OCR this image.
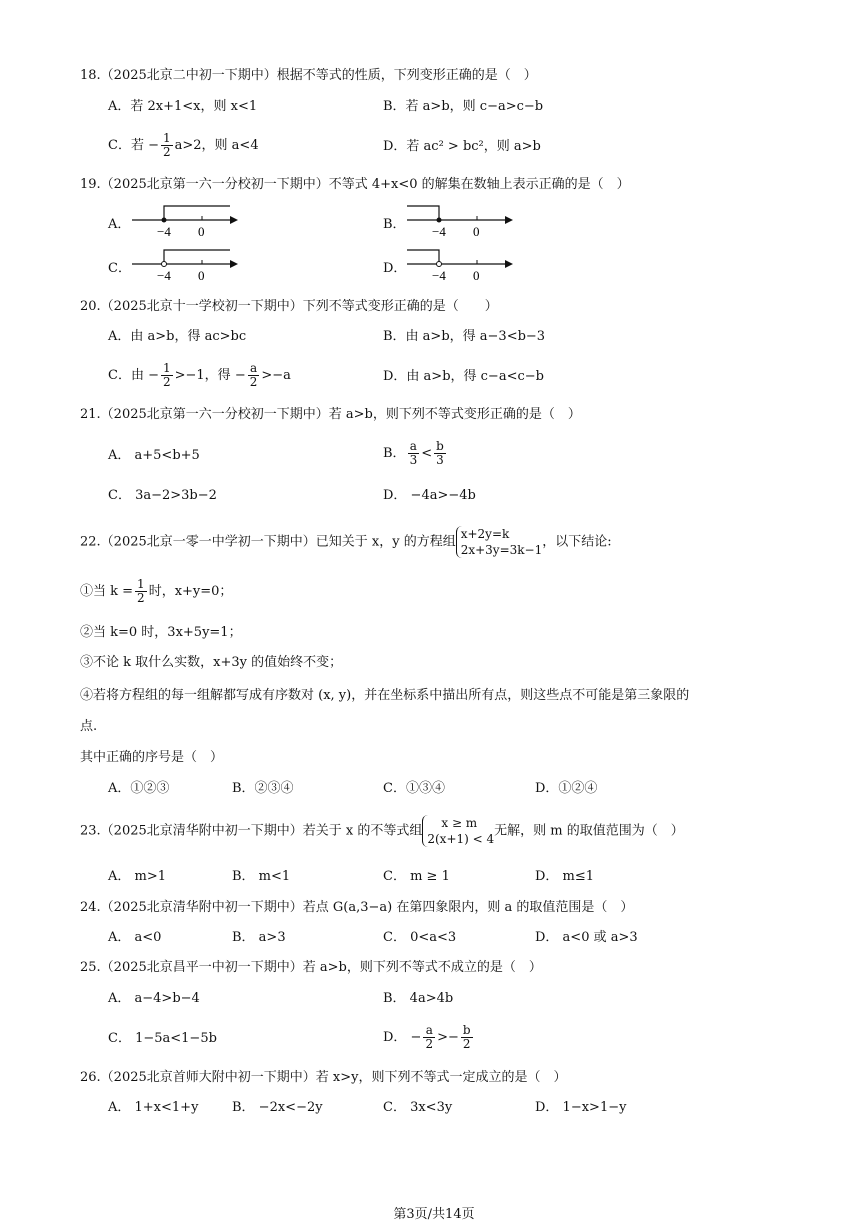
18.（2025北京二中初一下期中）根据不等式的性质，下列变形正确的是（　）
A．若 2x+1<x，则 x<1	B．若 a>b，则 c−a>c−b
C．若 − $\frac{1}{2} a>2$，则 a<4	D．若 ac² > bc²，则 a>b
19.（2025北京第一六一分校初一下期中）不等式 4+x<0 的解集在数轴上表示正确的是（　）
A． −4 0	B． −4 0
C． −4 0	D． −4 0
20.（2025北京十一学校初一下期中）下列不等式变形正确的是（　　）
A．由 a>b，得 ac>bc	B．由 a>b，得 a−3<b−3
C．由 − $\frac{1}{2} >-1$，得 − $\frac{a}{2} >-a$	D．由 a>b，得 c−a<c−b
21.（2025北京第一六一分校初一下期中）若 a>b，则下列不等式变形正确的是（　）
A． a+5<b+5	B． $\frac{a}{3} < \frac{b}{3}$
C． 3a−2>3b−2	D． −4a>−4b
22.（2025北京一零一中学初一下期中）已知关于 x，y 的方程组
x+2y=k
2x+3y=3k−1
，以下结论:
①当 $k = \frac{1}{2}$ 时，x+y=0；
②当 k=0 时，3x+5y=1；
③不论 k 取什么实数，x+3y 的值始终不变；
④若将方程组的每一组解都写成有序数对 (x, y)，并在坐标系中描出所有点，则这些点不可能是第三象限的
点.
其中正确的序号是（　）
A．①②③	B．②③④	C．①③④	D．①②④
23.（2025北京清华附中初一下期中）若关于 x 的不等式组
x ≥ m
2(x+1) < 4
无解，则 m 的取值范围为（　）
A． m>1	B． m<1	C． m ≥ 1	D． m≤1
24.（2025北京清华附中初一下期中）若点 G(a,3−a) 在第四象限内，则 a 的取值范围是（　）
A． a<0	B． a>3	C． 0<a<3	D． a<0 或 a>3
25.（2025北京昌平一中初一下期中）若 a>b，则下列不等式不成立的是（　）
A． a−4>b−4	B． 4a>4b
C． 1−5a<1−5b	D． − $\frac{a}{2} >- \frac{b}{2}$
26.（2025北京首师大附中初一下期中）若 x>y，则下列不等式一定成立的是（　）
A． 1+x<1+y	B． −2x<−2y	C． 3x<3y	D． 1−x>1−y
第3页/共14页
